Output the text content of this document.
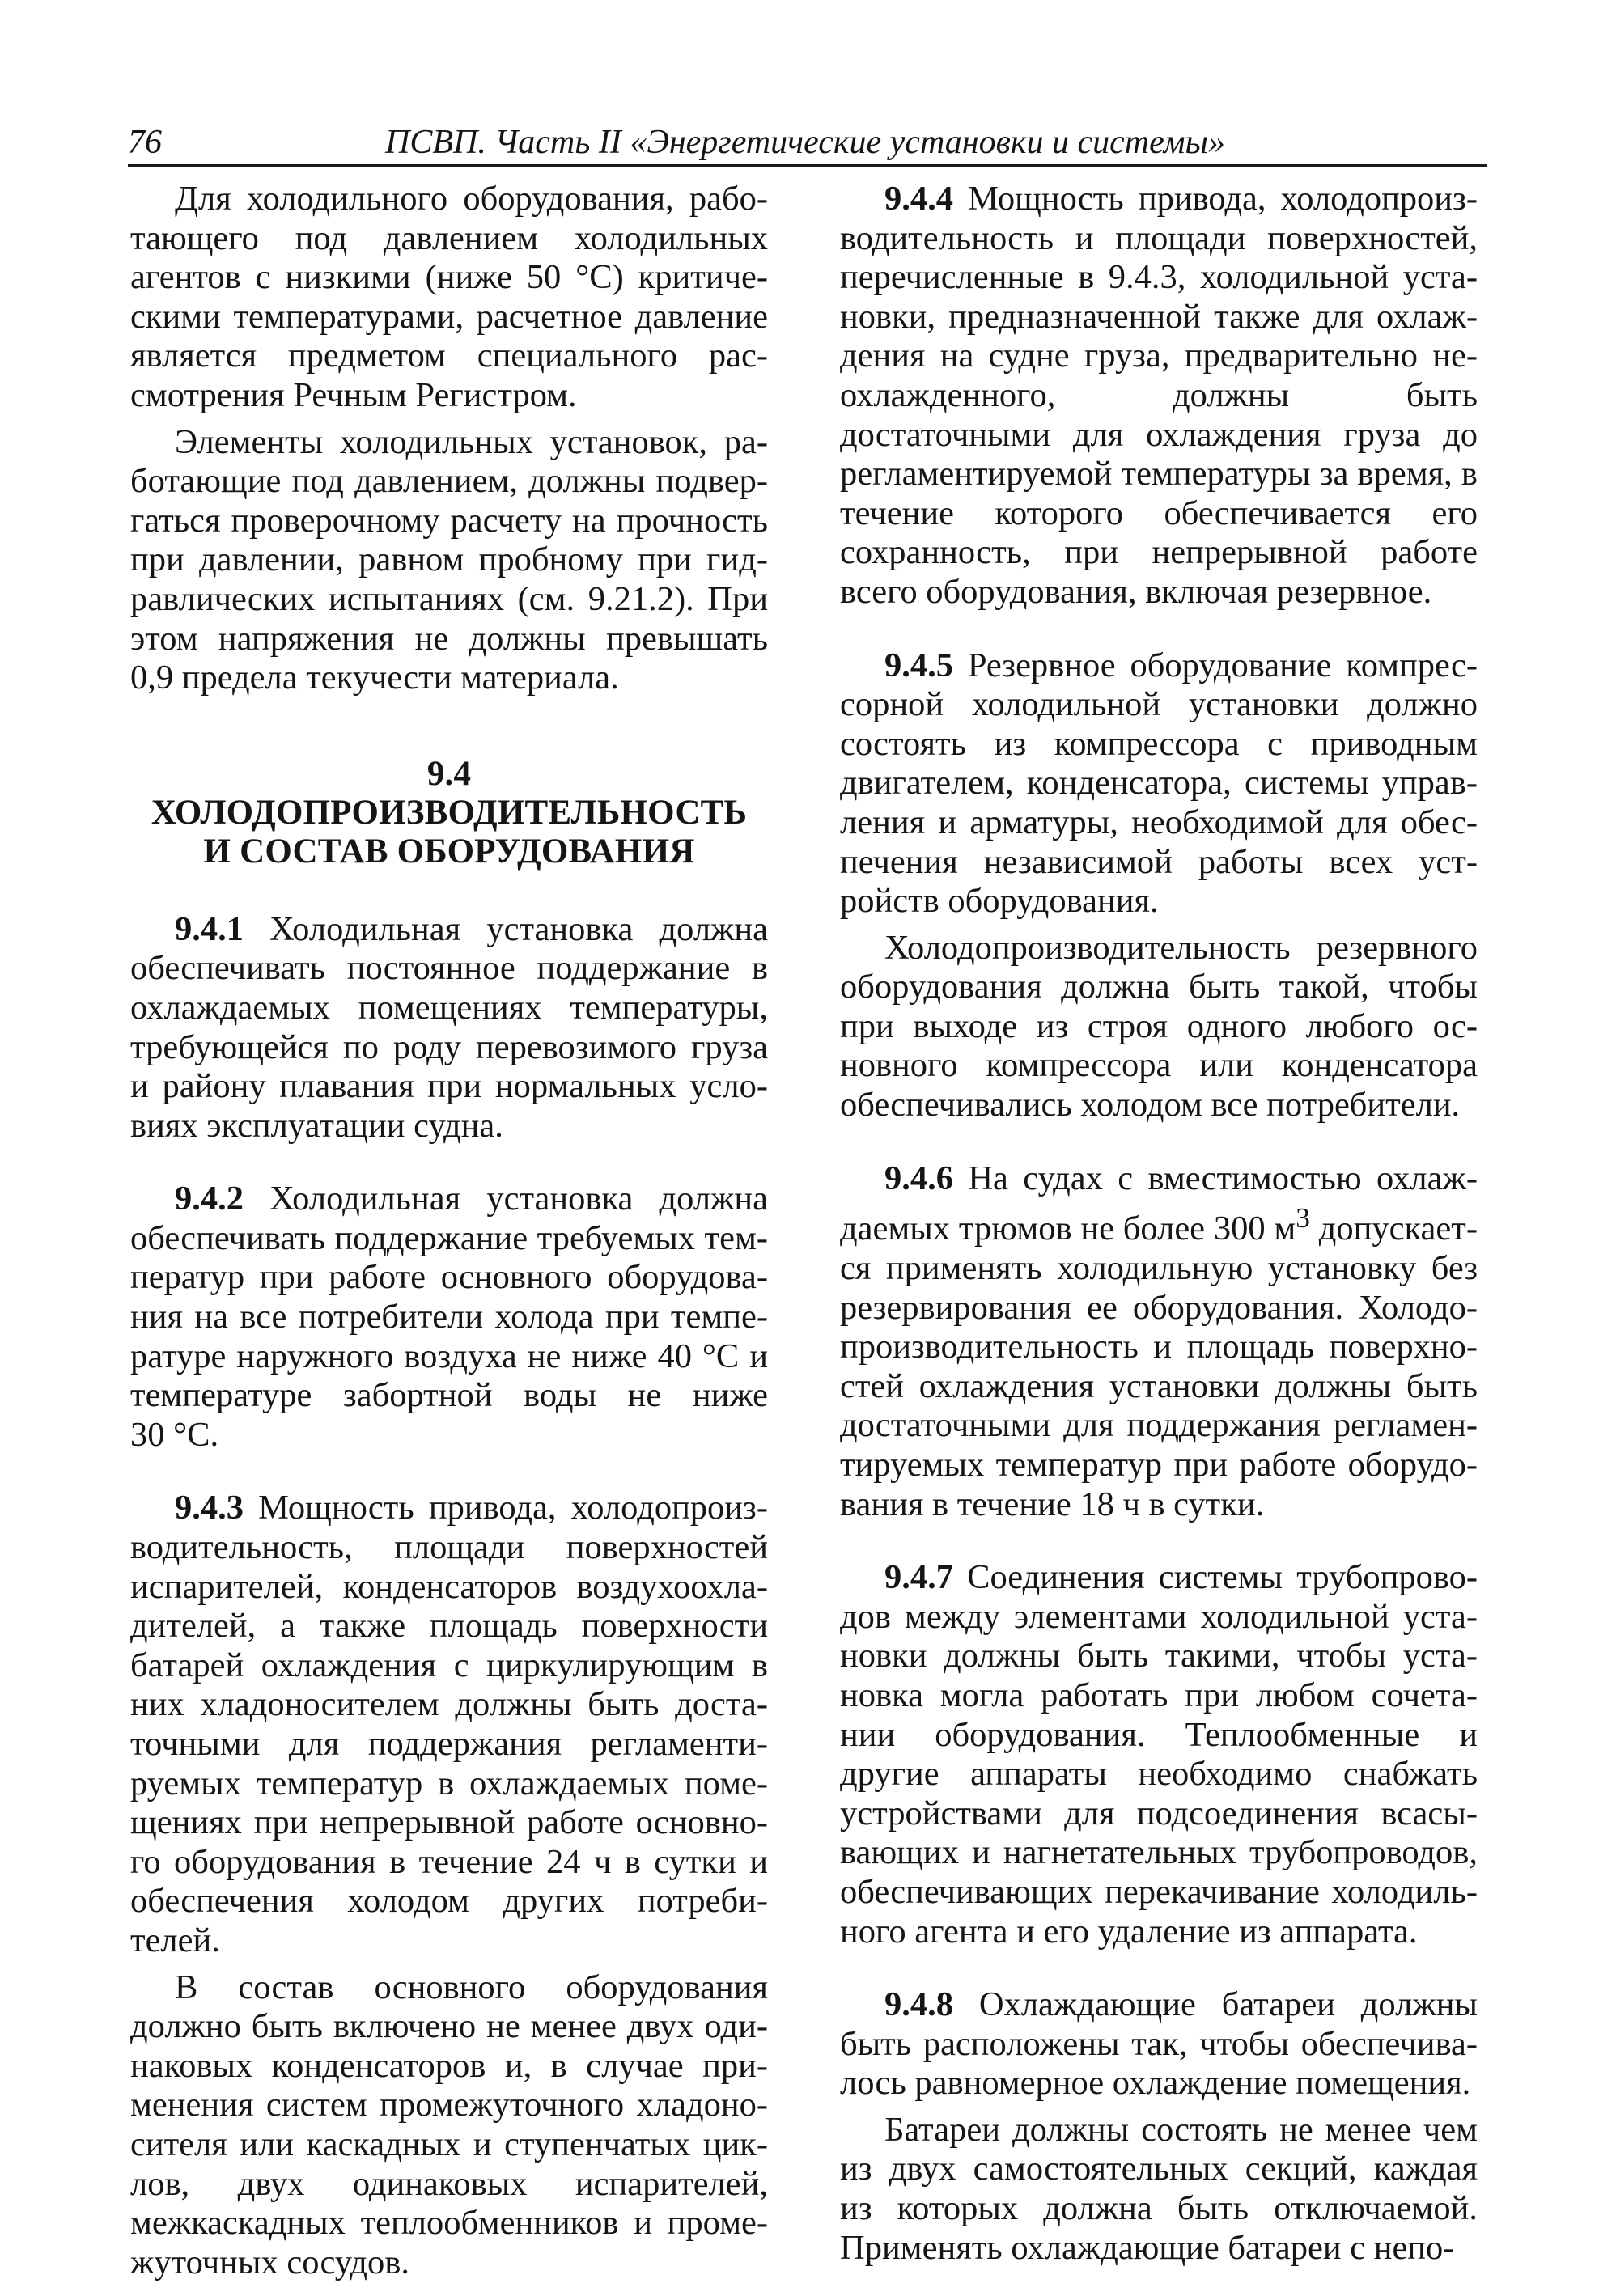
76	ПСВП. Часть II «Энергетические установки и системы»

Для холодильного оборудования, работающего под давлением холодильных агентов с низкими (ниже 50 °С) критическими температурами, расчетное давление является предметом специального рассмотрения Речным Регистром.

Элементы холодильных установок, работающие под давлением, должны подвергаться проверочному расчету на прочность при давлении, равном пробному при гидравлических испытаниях (см. 9.21.2). При этом напряжения не должны превышать 0,9 предела текучести материала.

9.4 ХОЛОДОПРОИЗВОДИТЕЛЬНОСТЬ
И СОСТАВ ОБОРУДОВАНИЯ

9.4.1 Холодильная установка должна обеспечивать постоянное поддержание в охлаждаемых помещениях температуры, требующейся по роду перевозимого груза и району плавания при нормальных условиях эксплуатации судна.

9.4.2 Холодильная установка должна обеспечивать поддержание требуемых температур при работе основного оборудования на все потребители холода при температуре наружного воздуха не ниже 40 °С и температуре забортной воды не ниже 30 °С.

9.4.3 Мощность привода, холодопроизводительность, площади поверхностей испарителей, конденсаторов воздухоохладителей, а также площадь поверхности батарей охлаждения с циркулирующим в них хладоносителем должны быть достаточными для поддержания регламентируемых температур в охлаждаемых помещениях при непрерывной работе основного оборудования в течение 24 ч в сутки и обеспечения холодом других потребителей.

В состав основного оборудования должно быть включено не менее двух одинаковых конденсаторов и, в случае применения систем промежуточного хладоносителя или каскадных и ступенчатых циклов, двух одинаковых испарителей, межкаскадных теплообменников и промежуточных сосудов.

9.4.4 Мощность привода, холодопроизводительность и площади поверхностей, перечисленные в 9.4.3, холодильной установки, предназначенной также для охлаждения на судне груза, предварительно неохлажденного, должны быть достаточными для охлаждения груза до регламентируемой температуры за время, в течение которого обеспечивается его сохранность, при непрерывной работе всего оборудования, включая резервное.

9.4.5 Резервное оборудование компрессорной холодильной установки должно состоять из компрессора с приводным двигателем, конденсатора, системы управления и арматуры, необходимой для обеспечения независимой работы всех устройств оборудования.

Холодопроизводительность резервного оборудования должна быть такой, чтобы при выходе из строя одного любого основного компрессора или конденсатора обеспечивались холодом все потребители.

9.4.6 На судах с вместимостью охлаждаемых трюмов не более 300 $м^3$ допускается применять холодильную установку без резервирования ее оборудования. Холодопроизводительность и площадь поверхностей охлаждения установки должны быть достаточными для поддержания регламентируемых температур при работе оборудования в течение 18 ч в сутки.

9.4.7 Соединения системы трубопроводов между элементами холодильной установки должны быть такими, чтобы установка могла работать при любом сочетании оборудования. Теплообменные и другие аппараты необходимо снабжать устройствами для подсоединения всасывающих и нагнетательных трубопроводов, обеспечивающих перекачивание холодильного агента и его удаление из аппарата.

9.4.8 Охлаждающие батареи должны быть расположены так, чтобы обеспечивалось равномерное охлаждение помещения.

Батареи должны состоять не менее чем из двух самостоятельных секций, каждая из которых должна быть отключаемой. Применять охлаждающие батареи с непо-
